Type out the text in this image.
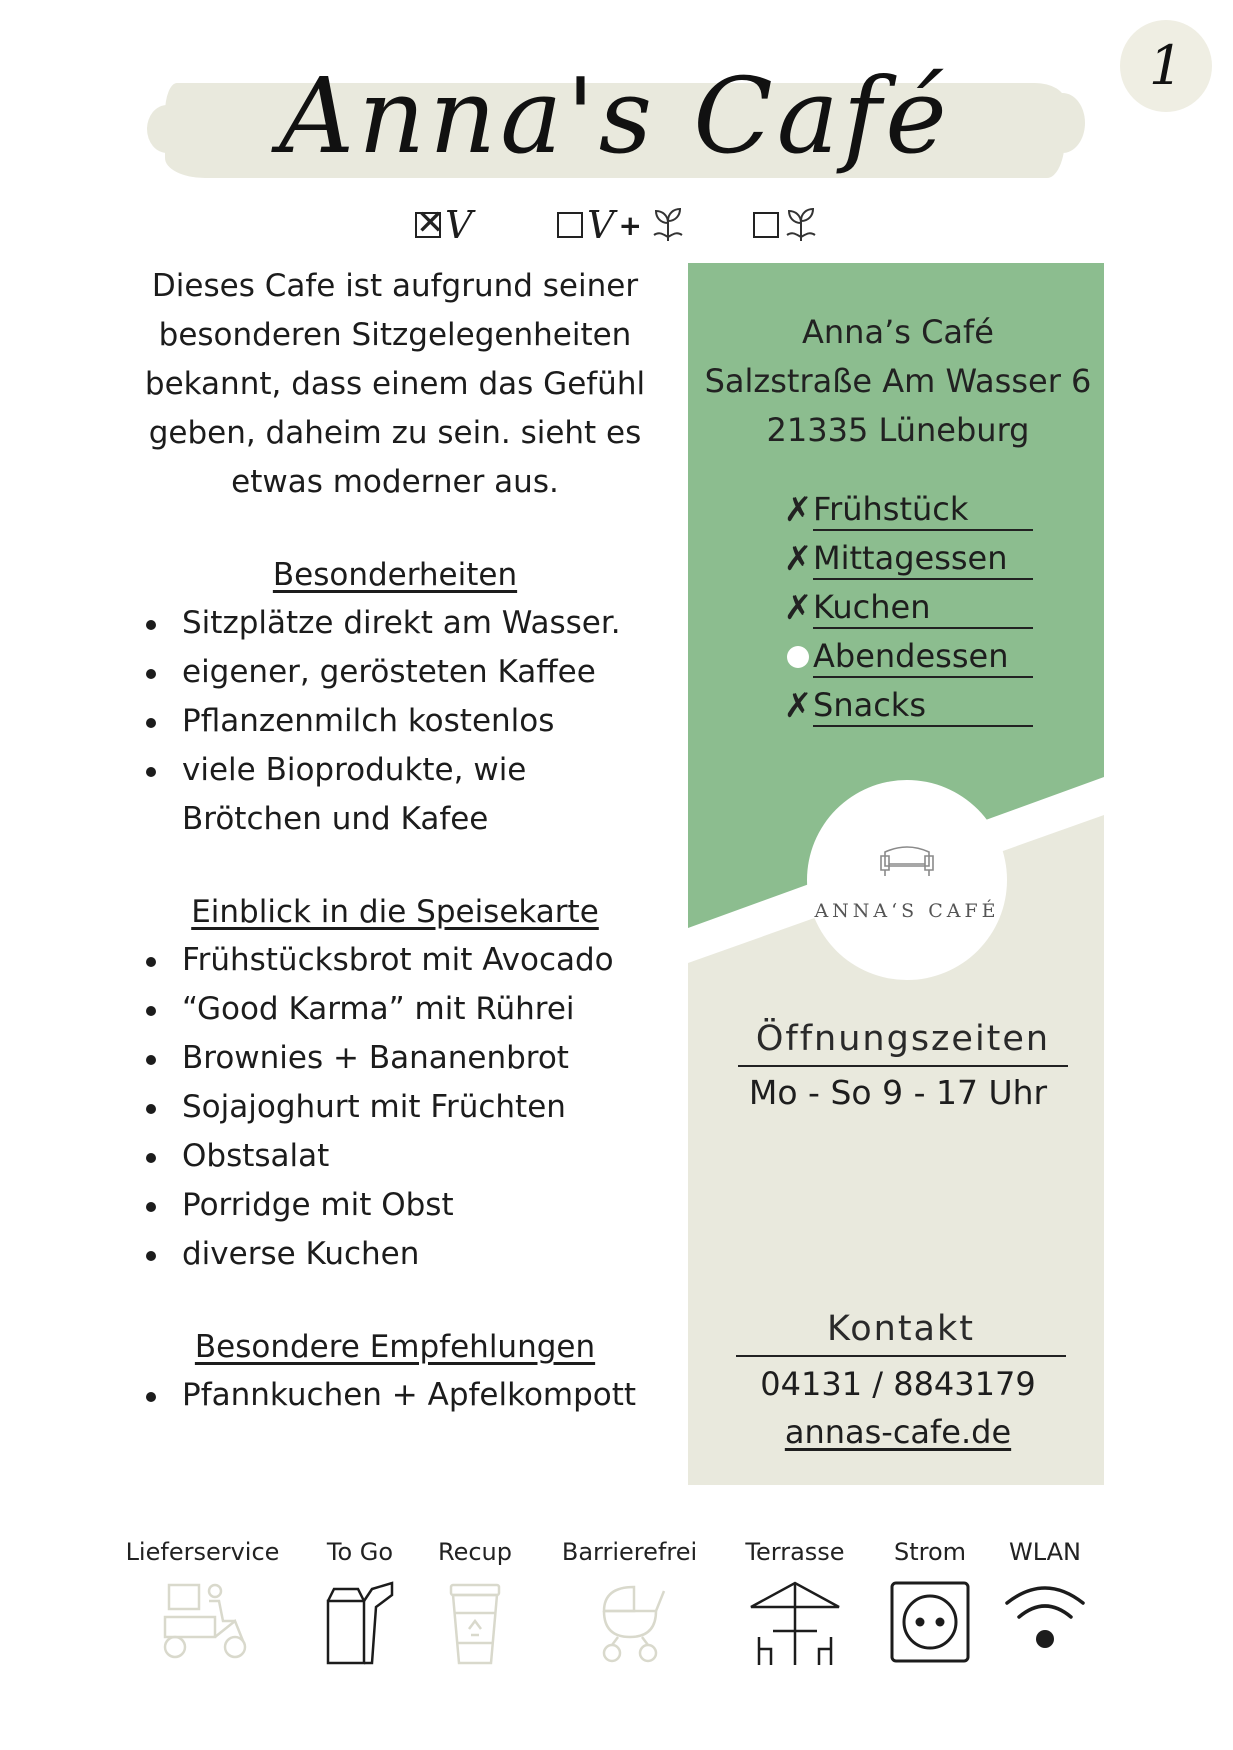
Anna's Café	1
✕
V	V +

Dieses Cafe ist aufgrund seiner besonderen Sitzgelegenheiten bekannt, dass einem das Gefühl geben, daheim zu sein. sieht es etwas moderner aus.

Besonderheiten
Sitzplätze direkt am Wasser.
eigener, gerösteten Kaffee
Pflanzenmilch kostenlos
viele Bioprodukte, wie Brötchen und Kafee
Einblick in die Speisekarte
Frühstücksbrot mit Avocado
“Good Karma” mit Rührei
Brownies + Bananenbrot
Sojajoghurt mit Früchten
Obstsalat
Porridge mit Obst
diverse Kuchen
Besondere Empfehlungen
Pfannkuchen + Apfelkompott
Anna’s Café
Salzstraße Am Wasser 6
21335 Lüneburg
✗ Frühstück
✗ Mittagessen
✗ Kuchen
Abendessen
✗ Snacks
ANNA‘S CAFÉ
Öffnungszeiten
Mo - So 9 - 17 Uhr
Kontakt
04131 / 8843179
annas-cafe.de
Lieferservice	To Go	Recup	Barrierefrei	Terrasse	Strom	WLAN
